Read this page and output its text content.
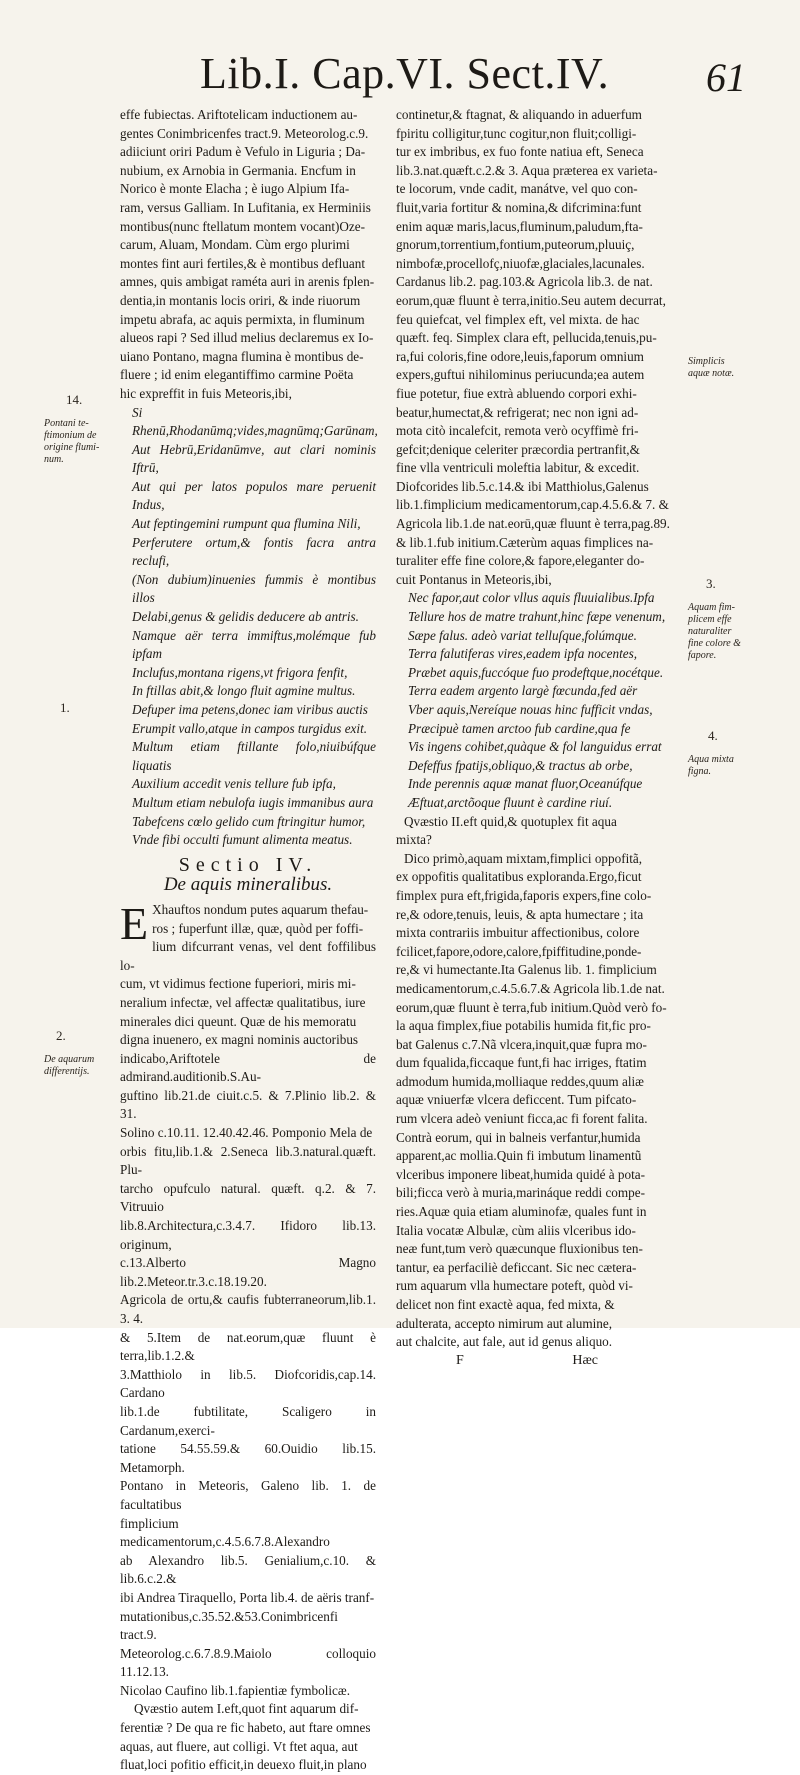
Lib.I. Cap.VI. Sect.IV. 61

effe fubiectas. Ariftotelicam inductionem au-
gentes Conimbricenfes tract.9. Meteorolog.c.9.
adiiciunt oriri Padum è Vefulo in Liguria ; Da-
nubium, ex Arnobia in Germania. Encfum in
Norico è monte Elacha ; è iugo Alpium Ifa-
ram, versus Galliam. In Lufitania, ex Herminiis
montibus(nunc ftellatum montem vocant)Oze-
carum, Aluam, Mondam. Cùm ergo plurimi
montes fint auri fertiles,& è montibus defluant
amnes, quis ambigat raméta auri in arenis fplen-
dentia,in montanis locis oriri, & inde riuorum
impetu abrafa, ac aquis permixta, in fluminum
alueos rapi ? Sed illud melius declaremus ex Io-
uiano Pontano, magna flumina è montibus de-
fluere ; id enim elegantiffimo carmine Poëta
hic expreffit in fuis Meteoris,ibi,

Si Rhenū,Rhodanūmq;vides,magnūmq;Garūnam,
Aut Hebrū,Eridanūmve, aut clari nominis Iftrū,
Aut qui per latos populos mare peruenit Indus,
Aut feptingemini rumpunt qua flumina Nili,
Perferutere ortum,& fontis facra antra reclufi,
(Non dubium)inuenies fummis è montibus illos
Delabi,genus & gelidis deducere ab antris.
Namque aër terra immiftus,molémque fub ipfam
Inclufus,montana rigens,vt frigora fenfit,
In ftillas abit,& longo fluit agmine multus.
Defuper ima petens,donec iam viribus auctis
Erumpit vallo,atque in campos turgidus exit.
Multum etiam ftillante folo,niuibúfque liquatis
Auxilium accedit venis tellure fub ipfa,
Multum etiam nebulofa iugis immanibus aura
Tabefcens cœlo gelido cum ftringitur humor,
Vnde fibi occulti fumunt alimenta meatus.

Sectio IV.
De aquis mineralibus.

E Xhauftos nondum putes aquarum thefau-
ros ; fuperfunt illæ, quæ, quòd per foffi-
lium difcurrant venas, vel dent foffilibus lo-
cum, vt vidimus fectione fuperiori, miris mi-
neralium infectæ, vel affectæ qualitatibus, iure
minerales dici queunt. Quæ de his memoratu
digna inuenero, ex magni nominis auctoribus
indicabo,Ariftotele de admirand.auditionib.S.Au-
guftino lib.21.de ciuit.c.5. & 7.Plinio lib.2. & 31.
Solino c.10.11. 12.40.42.46. Pomponio Mela de
orbis fitu,lib.1.& 2.Seneca lib.3.natural.quæft. Plu-
tarcho opufculo natural. quæft. q.2. & 7. Vitruuio
lib.8.Architectura,c.3.4.7. Ifidoro lib.13. originum,
c.13.Alberto Magno lib.2.Meteor.tr.3.c.18.19.20.
Agricola de ortu,& caufis fubterraneorum,lib.1. 3. 4.
& 5.Item de nat.eorum,quæ fluunt è terra,lib.1.2.&
3.Matthiolo in lib.5. Diofcoridis,cap.14. Cardano
lib.1.de fubtilitate, Scaligero in Cardanum,exerci-
tatione 54.55.59.& 60.Ouidio lib.15. Metamorph.
Pontano in Meteoris, Galeno lib. 1. de facultatibus
fimplicium medicamentorum,c.4.5.6.7.8.Alexandro
ab Alexandro lib.5. Genialium,c.10. & lib.6.c.2.&
ibi Andrea Tiraquello, Porta lib.4. de aëris tranf-
mutationibus,c.35.52.&53.Conimbricenfi tract.9.
Meteorolog.c.6.7.8.9.Maiolo colloquio 11.12.13.
Nicolao Caufino lib.1.fapientiæ fymbolicæ.

Qvæstio autem I.eft,quot fint aquarum dif-
ferentiæ ? De qua re fic habeto, aut ftare omnes
aquas, aut fluere, aut colligi. Vt ftet aqua, aut
fluat,loci pofitio efficit,in deuexo fluit,in plano

continetur,& ftagnat, & aliquando in aduerfum
fpiritu colligitur,tunc cogitur,non fluit;colligi-
tur ex imbribus, ex fuo fonte natiua eft, Seneca
lib.3.nat.quæft.c.2.& 3. Aqua præterea ex varieta-
te locorum, vnde cadit, manátve, vel quo con-
fluit,varia fortitur & nomina,& difcrimina:funt
enim aquæ maris,lacus,fluminum,paludum,fta-
gnorum,torrentium,fontium,puteorum,pluuiç,
nimbofæ,procellofç,niuofæ,glaciales,lacunales.
Cardanus lib.2. pag.103.& Agricola lib.3. de nat.
eorum,quæ fluunt è terra,initio.Seu autem decurrat,
feu quiefcat, vel fimplex eft, vel mixta. de hac
quæft. feq. Simplex clara eft, pellucida,tenuis,pu-
ra,fui coloris,fine odore,leuis,faporum omnium
expers,guftui nihilominus periucunda;ea autem
fiue potetur, fiue extrà abluendo corpori exhi-
beatur,humectat,& refrigerat; nec non igni ad-
mota citò incalefcit, remota verò ocyffimè fri-
gefcit;denique celeriter præcordia pertranfit,&
fine vlla ventriculi moleftia labitur, & excedit.
Diofcorides lib.5.c.14.& ibi Matthiolus,Galenus
lib.1.fimplicium medicamentorum,cap.4.5.6.& 7. &
Agricola lib.1.de nat.eorū,quæ fluunt è terra,pag.89.
& lib.1.fub initium.Cæterùm aquas fimplices na-
turaliter effe fine colore,& fapore,eleganter do-
cuit Pontanus in Meteoris,ibi,

Nec fapor,aut color vllus aquis fluuialibus.Ipfa
Tellure hos de matre trahunt,hinc fæpe venenum,
Sæpe falus. adeò variat telluſque,folúmque.
Terra falutiferas vires,eadem ipfa nocentes,
Præbet aquis,fuccóque fuo prodeftque,nocétque.
Terra eadem argento largè fœcunda,fed aër
Vber aquis,Nereíque nouas hinc fufficit vndas,
Præcipuè tamen arctoo fub cardine,qua fe
Vis ingens cohibet,quàque & fol languidus errat
Defeffus fpatijs,obliquo,& tractus ab orbe,
Inde perennis aquæ manat fluor,Oceanúfque
Æftuat,arctõoque fluunt è cardine riuí.

Qvæstio II.eft quid,& quotuplex fit aqua
mixta?

Dico primò,aquam mixtam,fimplici oppofitã,
ex oppofitis qualitatibus exploranda.Ergo,ficut
fimplex pura eft,frigida,faporis expers,fine colo-
re,& odore,tenuis, leuis, & apta humectare ; ita
mixta contrariis imbuitur affectionibus, colore
fcilicet,fapore,odore,calore,fpiffitudine,ponde-
re,& vi humectante.Ita Galenus lib. 1. fimplicium
medicamentorum,c.4.5.6.7.& Agricola lib.1.de nat.
eorum,quæ fluunt è terra,fub initium.Quòd verò fo-
la aqua fimplex,fiue potabilis humida fit,fic pro-
bat Galenus c.7.Nã vlcera,inquit,quæ fupra mo-
dum fqualida,ficcaque funt,fi hac irriges, ftatim
admodum humida,molliaque reddes,quum aliæ
aquæ vniuerfæ vlcera deficcent. Tum pifcato-
rum vlcera adeò veniunt ficca,ac fi forent falita.
Contrà eorum, qui in balneis verfantur,humida
apparent,ac mollia.Quin fi imbutum linamentũ
vlceribus imponere libeat,humida quidé à pota-
bili;ficca verò à muria,marináque reddi compe-
ries.Aquæ quia etiam aluminofæ, quales funt in
Italia vocatæ Albulæ, cùm aliis vlceribus ido-
neæ funt,tum verò quæcunque fluxionibus ten-
tantur, ea perfaciliè deficcant. Sic nec cætera-
rum aquarum vlla humectare poteft, quòd vi-
delicet non fint exactè aqua, fed mixta, &
adulterata, accepto nimirum aut alumine,
aut chalcite, aut fale, aut id genus aliquo.

F	Hæc

14.

Pontani te-
ftimonium de
origine flumi-
num.

1.

2.

De aquarum
differentijs.

Simplicis
aquæ notæ.

3.

Aquam fim-
plicem effe
naturaliter
fine colore &
fapore.

4.

Aqua mixta
figna.
